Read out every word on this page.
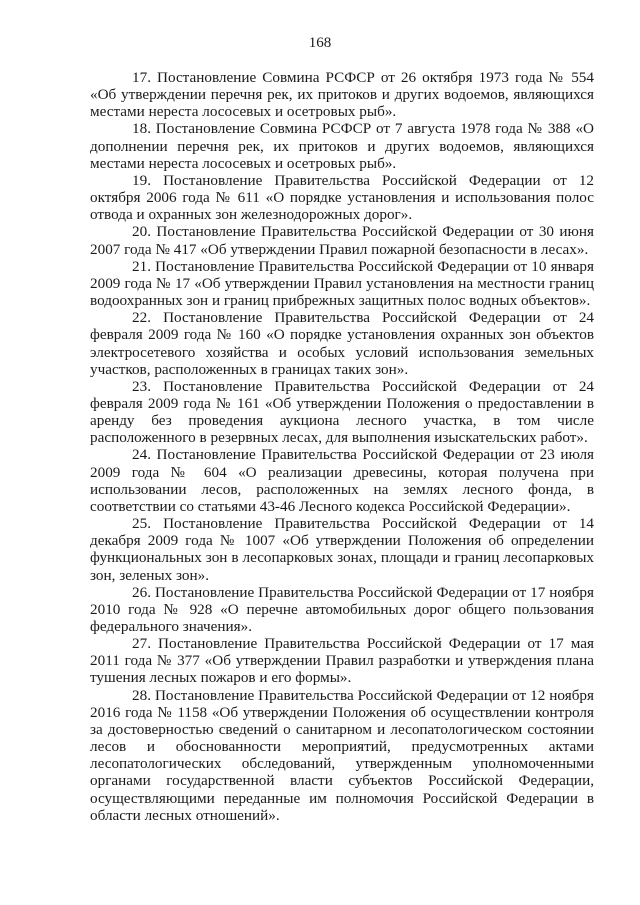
168

17. Постановление Совмина РСФСР от 26 октября 1973 года № 554 «Об утверждении перечня рек, их притоков и других водоемов, являющихся местами нереста лососевых и осетровых рыб».

18. Постановление Совмина РСФСР от 7 августа 1978 года № 388 «О дополнении перечня рек, их притоков и других водоемов, являющихся местами нереста лососевых и осетровых рыб».

19. Постановление Правительства Российской Федерации от 12 октября 2006 года № 611 «О порядке установления и использования полос отвода и охранных зон железнодорожных дорог».

20. Постановление Правительства Российской Федерации от 30 июня 2007 года № 417 «Об утверждении Правил пожарной безопасности в лесах».

21. Постановление Правительства Российской Федерации от 10 января 2009 года № 17 «Об утверждении Правил установления на местности границ водоохранных зон и границ прибрежных защитных полос водных объектов».

22. Постановление Правительства Российской Федерации от 24 февраля 2009 года № 160 «О порядке установления охранных зон объектов электросетевого хозяйства и особых условий использования земельных участков, расположенных в границах таких зон».

23. Постановление Правительства Российской Федерации от 24 февраля 2009 года № 161 «Об утверждении Положения о предоставлении в аренду без проведения аукциона лесного участка, в том числе расположенного в резервных лесах, для выполнения изыскательских работ».

24. Постановление Правительства Российской Федерации от 23 июля 2009 года № 604 «О реализации древесины, которая получена при использовании лесов, расположенных на землях лесного фонда, в соответствии со статьями 43-46 Лесного кодекса Российской Федерации».

25. Постановление Правительства Российской Федерации от 14 декабря 2009 года № 1007 «Об утверждении Положения об определении функциональных зон в лесопарковых зонах, площади и границ лесопарковых зон, зеленых зон».

26. Постановление Правительства Российской Федерации от 17 ноября 2010 года № 928 «О перечне автомобильных дорог общего пользования федерального значения».

27. Постановление Правительства Российской Федерации от 17 мая 2011 года № 377 «Об утверждении Правил разработки и утверждения плана тушения лесных пожаров и его формы».

28. Постановление Правительства Российской Федерации от 12 ноября 2016 года № 1158 «Об утверждении Положения об осуществлении контроля за достоверностью сведений о санитарном и лесопатологическом состоянии лесов и обоснованности мероприятий, предусмотренных актами лесопатологических обследований, утвержденным уполномоченными органами государственной власти субъектов Российской Федерации, осуществляющими переданные им полномочия Российской Федерации в области лесных отношений».
